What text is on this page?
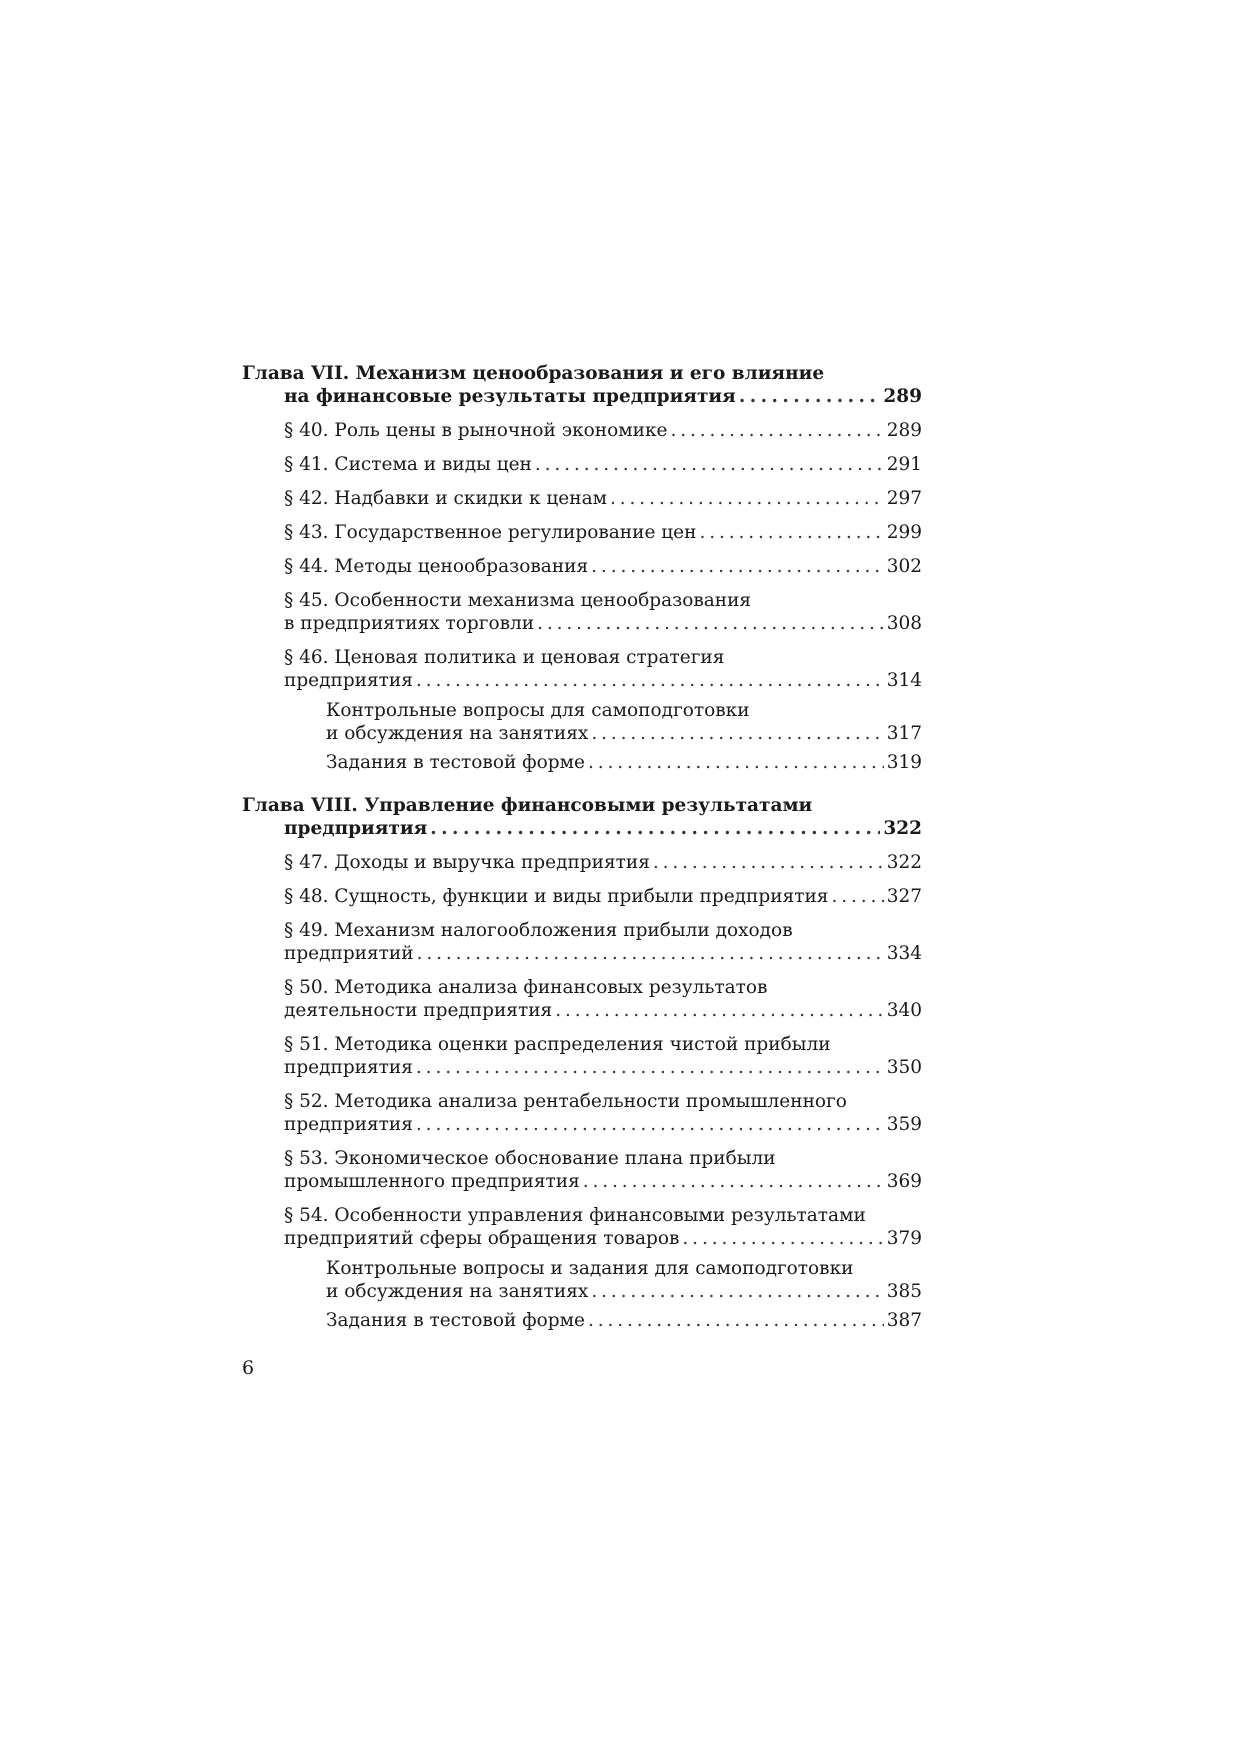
Глава VII. Механизм ценообразования и его влияние
на финансовые результаты предприятия . . .	289
§ 40. Роль цены в рыночной экономике . . .	289
§ 41. Система и виды цен . . .	291
§ 42. Надбавки и скидки к ценам . . .	297
§ 43. Государственное регулирование цен . . .	299
§ 44. Методы ценообразования . . .	302
§ 45. Особенности механизма ценообразования
в предприятиях торговли . . .	308
§ 46. Ценовая политика и ценовая стратегия
предприятия . . .	314
Контрольные вопросы для самоподготовки
и обсуждения на занятиях . . .	317
Задания в тестовой форме . . .	319
Глава VIII. Управление финансовыми результатами
предприятия . . .	322
§ 47. Доходы и выручка предприятия . . .	322
§ 48. Сущность, функции и виды прибыли предприятия . . .	327
§ 49. Механизм налогообложения прибыли доходов
предприятий . . .	334
§ 50. Методика анализа финансовых результатов
деятельности предприятия . . .	340
§ 51. Методика оценки распределения чистой прибыли
предприятия . . .	350
§ 52. Методика анализа рентабельности промышленного
предприятия . . .	359
§ 53. Экономическое обоснование плана прибыли
промышленного предприятия . . .	369
§ 54. Особенности управления финансовыми результатами
предприятий сферы обращения товаров . . .	379
Контрольные вопросы и задания для самоподготовки
и обсуждения на занятиях . . .	385
Задания в тестовой форме . . .	387
6
